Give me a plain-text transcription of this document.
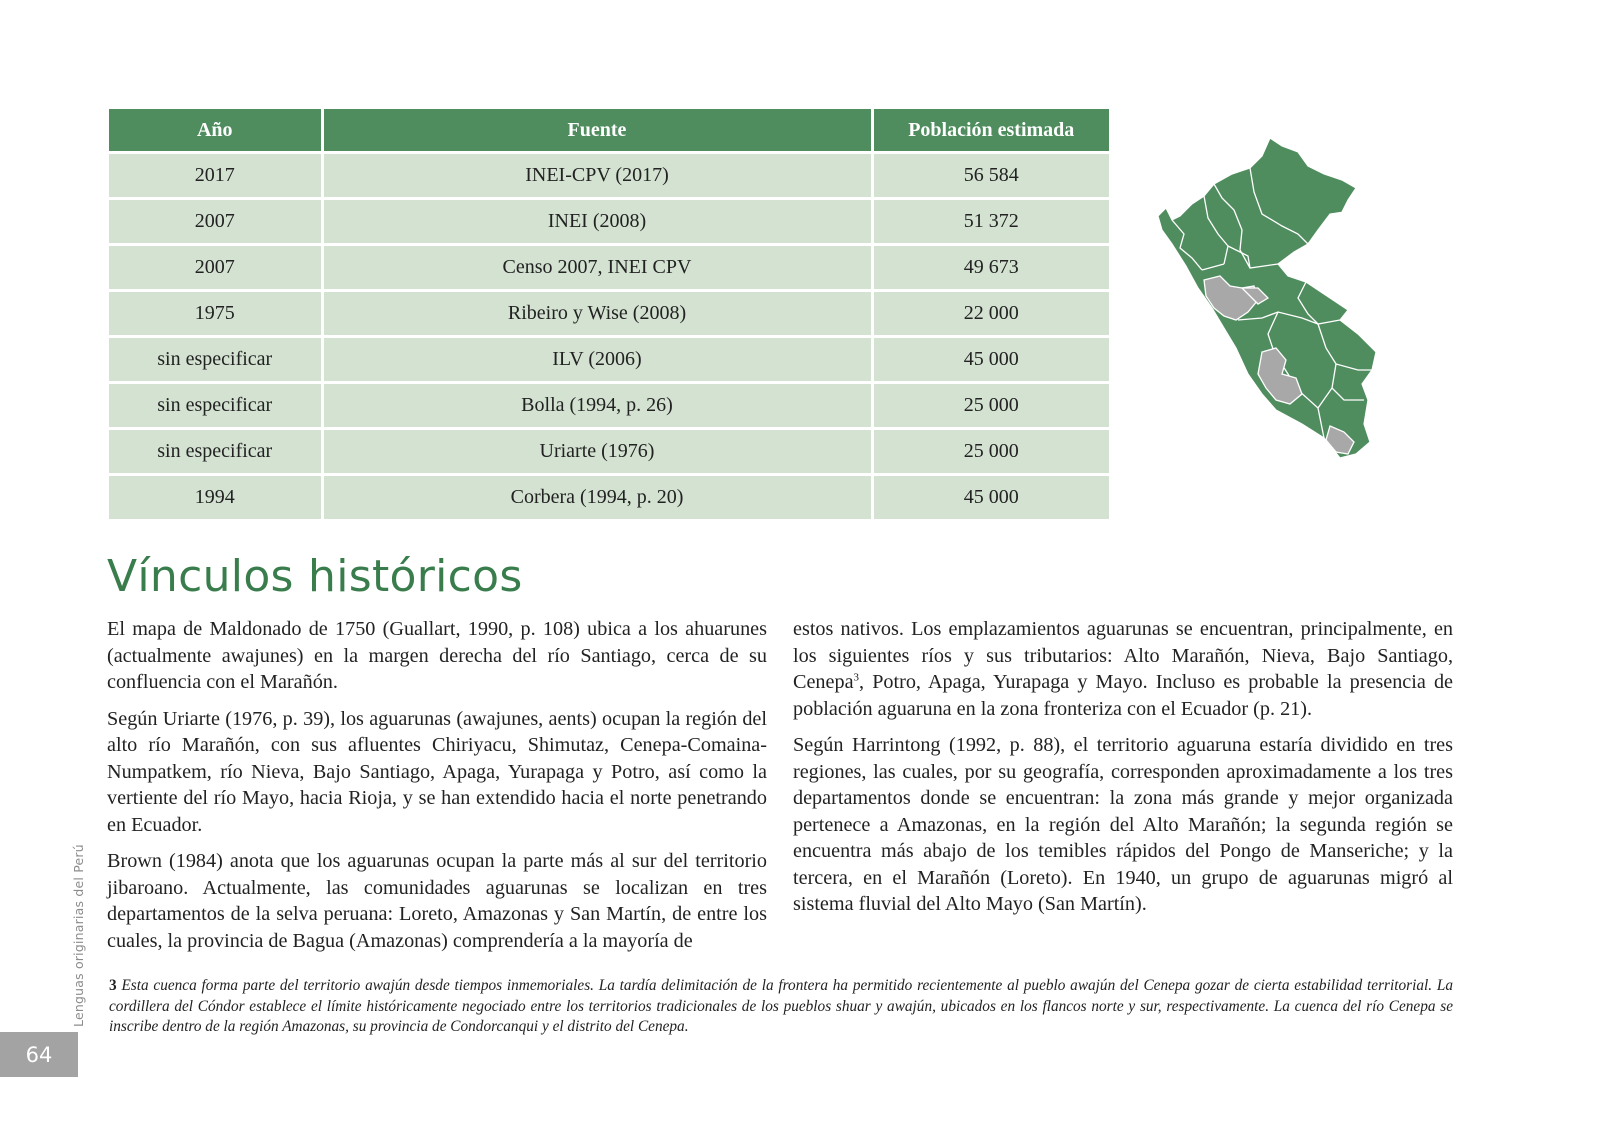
Año	Fuente	Población estimada
2017	INEI-CPV (2017)	56 584
2007	INEI (2008)	51 372
2007	Censo 2007, INEI CPV	49 673
1975	Ribeiro y Wise (2008)	22 000
sin especificar	ILV (2006)	45 000
sin especificar	Bolla (1994, p. 26)	25 000
sin especificar	Uriarte (1976)	25 000
1994	Corbera (1994, p. 20)	45 000
Vínculos históricos

El mapa de Maldonado de 1750 (Guallart, 1990, p. 108) ubica a los ahuarunes (actualmente awajunes) en la margen derecha del río Santiago, cerca de su confluencia con el Marañón.

Según Uriarte (1976, p. 39), los aguarunas (awajunes, aents) ocupan la región del alto río Marañón, con sus afluentes Chiriyacu, Shimutaz, Cenepa-Comaina-Numpatkem, río Nieva, Bajo Santiago, Apaga, Yurapaga y Potro, así como la vertiente del río Mayo, hacia Rioja, y se han extendido hacia el norte penetrando en Ecuador.

Brown (1984) anota que los aguarunas ocupan la parte más al sur del territorio jibaroano. Actualmente, las comunidades aguarunas se localizan en tres departamentos de la selva peruana: Loreto, Amazonas y San Martín, de entre los cuales, la provincia de Bagua (Amazonas) comprendería a la mayoría de

estos nativos. Los emplazamientos aguarunas se encuentran, principalmente, en los siguientes ríos y sus tributarios: Alto Marañón, Nieva, Bajo Santiago, Cenepa$^3$, Potro, Apaga, Yurapaga y Mayo. Incluso es probable la presencia de población aguaruna en la zona fronteriza con el Ecuador (p. 21).

Según Harrintong (1992, p. 88), el territorio aguaruna estaría dividido en tres regiones, las cuales, por su geografía, corresponden aproximadamente a los tres departamentos donde se encuentran: la zona más grande y mejor organizada pertenece a Amazonas, en la región del Alto Marañón; la segunda región se encuentra más abajo de los temibles rápidos del Pongo de Manseriche; y la tercera, en el Marañón (Loreto). En 1940, un grupo de aguarunas migró al sistema fluvial del Alto Mayo (San Martín).

3 Esta cuenca forma parte del territorio awajún desde tiempos inmemoriales. La tardía delimitación de la frontera ha permitido recientemente al pueblo awajún del Cenepa gozar de cierta estabilidad territorial. La cordillera del Cóndor establece el límite históricamente negociado entre los territorios tradicionales de los pueblos shuar y awajún, ubicados en los flancos norte y sur, respectivamente. La cuenca del río Cenepa se inscribe dentro de la región Amazonas, su provincia de Condorcanqui y el distrito del Cenepa.

Lenguas originarias del Perú
64
